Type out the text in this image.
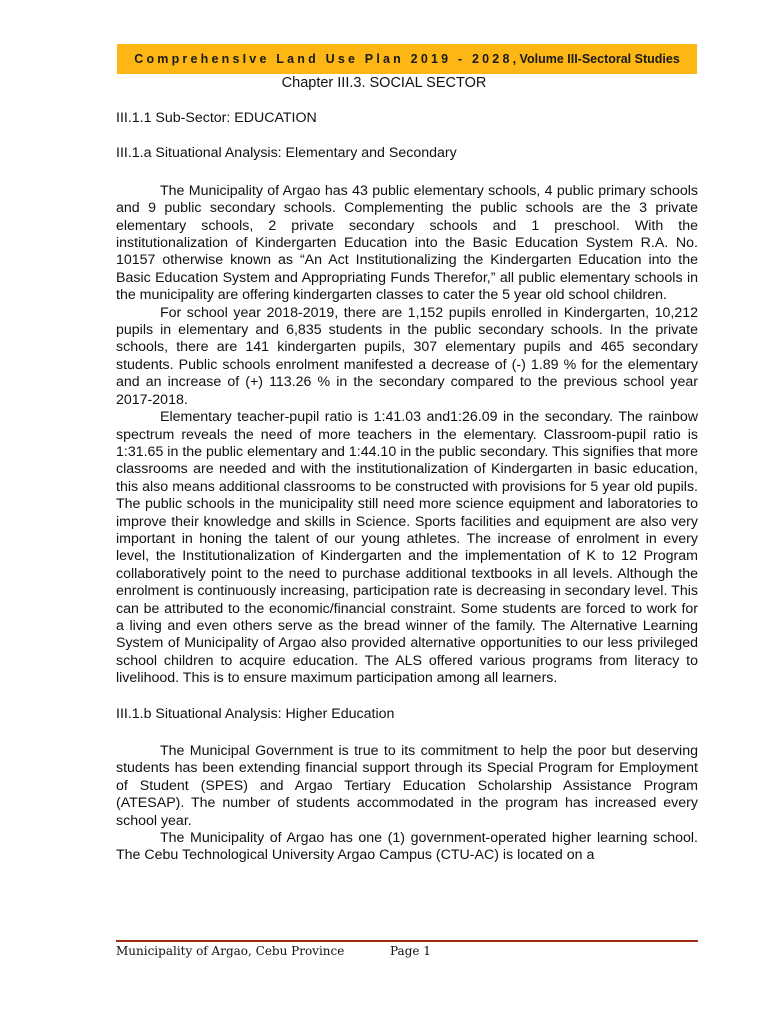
ComprehensIve Land Use Plan 2019 - 2028 , Volume III-Sectoral Studies
Chapter III.3. SOCIAL SECTOR

III.1.1 Sub-Sector: EDUCATION

III.1.a Situational Analysis: Elementary and Secondary

The Municipality of Argao has 43 public elementary schools, 4 public primary schools and 9 public secondary schools. Complementing the public schools are the 3 private elementary schools, 2 private secondary schools and 1 preschool. With the institutionalization of Kindergarten Education into the Basic Education System R.A. No. 10157 otherwise known as “An Act Institutionalizing the Kindergarten Education into the Basic Education System and Appropriating Funds Therefor,” all public elementary schools in the municipality are offering kindergarten classes to cater the 5 year old school children.

For school year 2018-2019, there are 1,152 pupils enrolled in Kindergarten, 10,212 pupils in elementary and 6,835 students in the public secondary schools. In the private schools, there are 141 kindergarten pupils, 307 elementary pupils and 465 secondary students. Public schools enrolment manifested a decrease of (-) 1.89 % for the elementary and an increase of (+) 113.26 % in the secondary compared to the previous school year 2017-2018.

Elementary teacher-pupil ratio is 1:41.03 and1:26.09 in the secondary. The rainbow spectrum reveals the need of more teachers in the elementary. Classroom-pupil ratio is 1:31.65 in the public elementary and 1:44.10 in the public secondary. This signifies that more classrooms are needed and with the institutionalization of Kindergarten in basic education, this also means additional classrooms to be constructed with provisions for 5 year old pupils. The public schools in the municipality still need more science equipment and laboratories to improve their knowledge and skills in Science. Sports facilities and equipment are also very important in honing the talent of our young athletes. The increase of enrolment in every level, the Institutionalization of Kindergarten and the implementation of K to 12 Program collaboratively point to the need to purchase additional textbooks in all levels. Although the enrolment is continuously increasing, participation rate is decreasing in secondary level. This can be attributed to the economic/financial constraint. Some students are forced to work for a living and even others serve as the bread winner of the family. The Alternative Learning System of Municipality of Argao also provided alternative opportunities to our less privileged school children to acquire education. The ALS offered various programs from literacy to livelihood. This is to ensure maximum participation among all learners.

III.1.b Situational Analysis: Higher Education

The Municipal Government is true to its commitment to help the poor but deserving students has been extending financial support through its Special Program for Employment of Student (SPES) and Argao Tertiary Education Scholarship Assistance Program (ATESAP). The number of students accommodated in the program has increased every school year.

The Municipality of Argao has one (1) government-operated higher learning school. The Cebu Technological University Argao Campus (CTU-AC) is located on a

Municipality of Argao, Cebu Province	Page 1
